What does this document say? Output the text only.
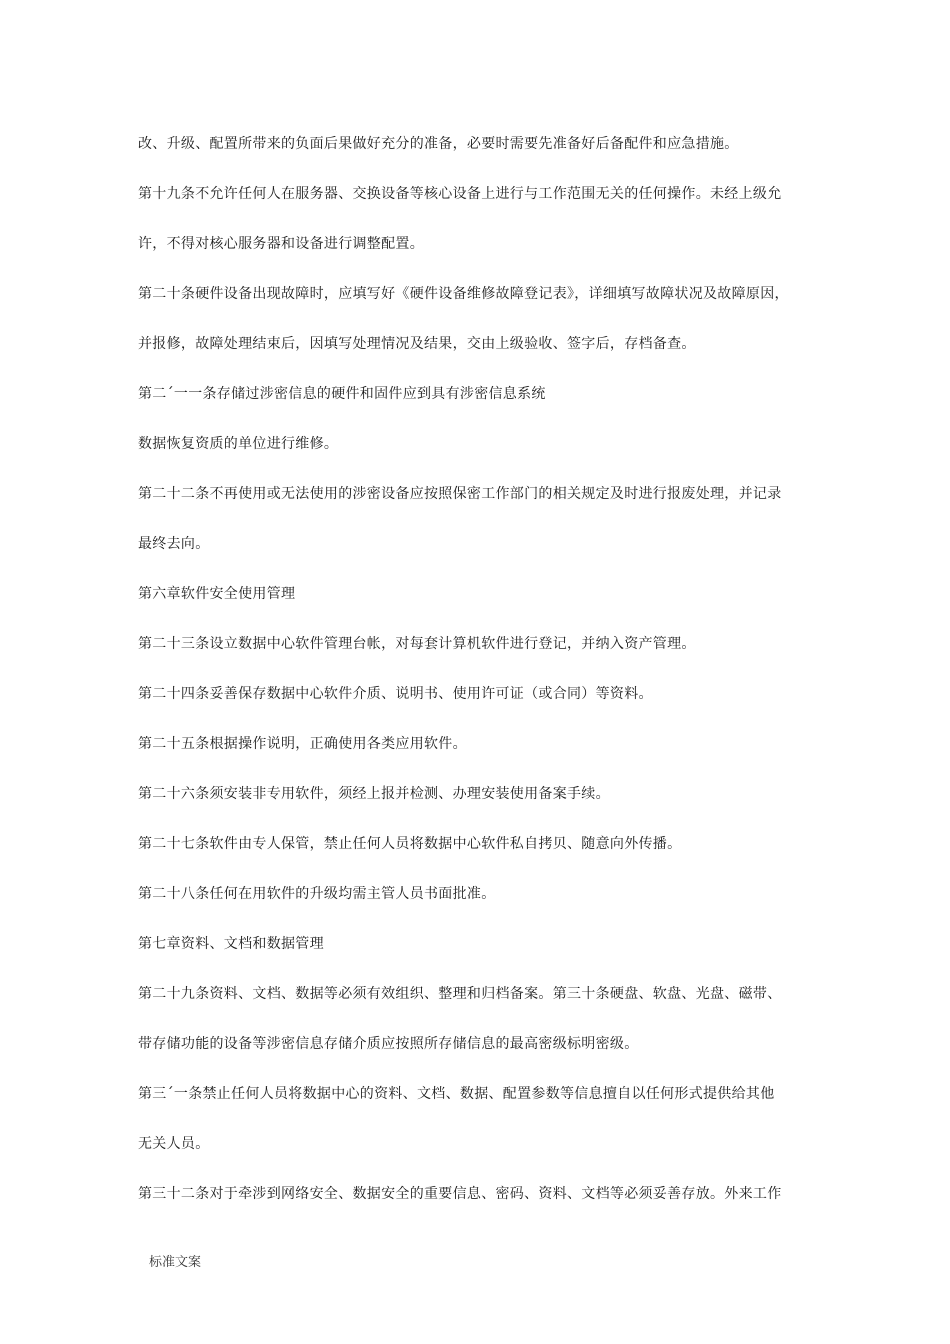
改、升级、配置所带来的负面后果做好充分的准备，必要时需要先准备好后备配件和应急措施。

第十九条不允许任何人在服务器、交换设备等核心设备上进行与工作范围无关的任何操作。未经上级允

许，不得对核心服务器和设备进行调整配置。

第二十条硬件设备出现故障时，应填写好《硬件设备维修故障登记表》，详细填写故障状况及故障原因，

并报修，故障处理结束后，因填写处理情况及结果，交由上级验收、签字后，存档备查。

第二ˊ一一条存储过涉密信息的硬件和固件应到具有涉密信息系统

数据恢复资质的单位进行维修。

第二十二条不再使用或无法使用的涉密设备应按照保密工作部门的相关规定及时进行报废处理，并记录

最终去向。

第六章软件安全使用管理

第二十三条设立数据中心软件管理台帐，对每套计算机软件进行登记，并纳入资产管理。

第二十四条妥善保存数据中心软件介质、说明书、使用许可证（或合同）等资料。

第二十五条根据操作说明，正确使用各类应用软件。

第二十六条须安装非专用软件，须经上报并检测、办理安装使用备案手续。

第二十七条软件由专人保管，禁止任何人员将数据中心软件私自拷贝、随意向外传播。

第二十八条任何在用软件的升级均需主管人员书面批准。

第七章资料、文档和数据管理

第二十九条资料、文档、数据等必须有效组织、整理和归档备案。第三十条硬盘、软盘、光盘、磁带、

带存储功能的设备等涉密信息存储介质应按照所存储信息的最高密级标明密级。

第三ˊ一条禁止任何人员将数据中心的资料、文档、数据、配置参数等信息擅自以任何形式提供给其他

无关人员。

第三十二条对于牵涉到网络安全、数据安全的重要信息、密码、资料、文档等必须妥善存放。外来工作

标准文案
